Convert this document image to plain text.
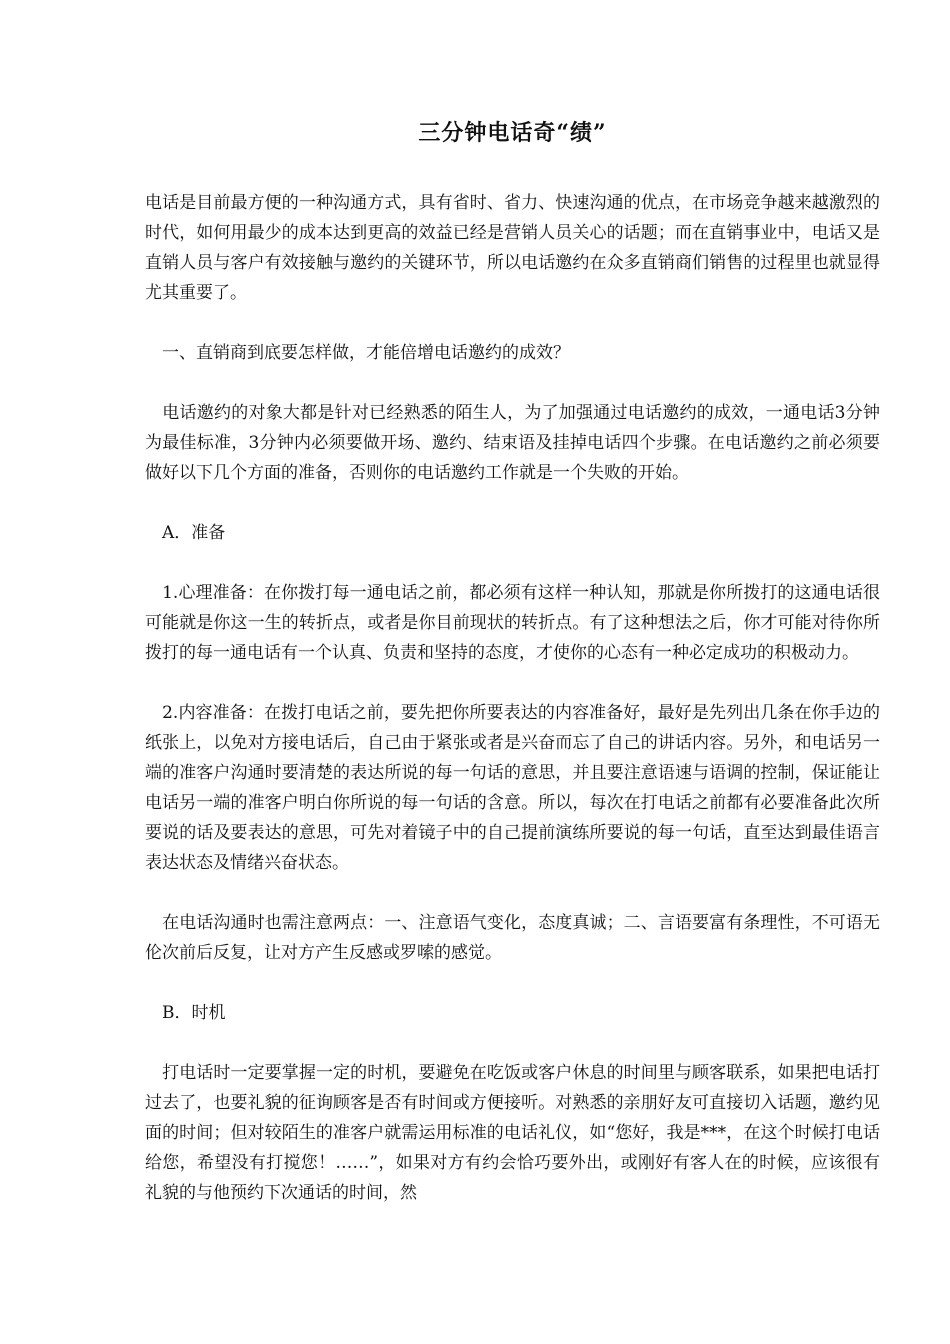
三分钟电话奇“绩”

电话是目前最方便的一种沟通方式，具有省时、省力、快速沟通的优点，在市场竞争越来越激烈的时代，如何用最少的成本达到更高的效益已经是营销人员关心的话题；而在直销事业中，电话又是直销人员与客户有效接触与邀约的关键环节，所以电话邀约在众多直销商们销售的过程里也就显得尤其重要了。

　一、直销商到底要怎样做，才能倍增电话邀约的成效？

　电话邀约的对象大都是针对已经熟悉的陌生人，为了加强通过电话邀约的成效，一通电话3分钟为最佳标准，3分钟内必须要做开场、邀约、结束语及挂掉电话四个步骤。在电话邀约之前必须要做好以下几个方面的准备，否则你的电话邀约工作就是一个失败的开始。

　A．准备

　1.心理准备：在你拨打每一通电话之前，都必须有这样一种认知，那就是你所拨打的这通电话很可能就是你这一生的转折点，或者是你目前现状的转折点。有了这种想法之后，你才可能对待你所拨打的每一通电话有一个认真、负责和坚持的态度，才使你的心态有一种必定成功的积极动力。

　2.内容准备：在拨打电话之前，要先把你所要表达的内容准备好，最好是先列出几条在你手边的纸张上，以免对方接电话后，自己由于紧张或者是兴奋而忘了自己的讲话内容。另外，和电话另一端的准客户沟通时要清楚的表达所说的每一句话的意思，并且要注意语速与语调的控制，保证能让电话另一端的准客户明白你所说的每一句话的含意。所以，每次在打电话之前都有必要准备此次所要说的话及要表达的意思，可先对着镜子中的自己提前演练所要说的每一句话，直至达到最佳语言表达状态及情绪兴奋状态。

　在电话沟通时也需注意两点：一、注意语气变化，态度真诚；二、言语要富有条理性，不可语无伦次前后反复，让对方产生反感或罗嗦的感觉。

　B．时机

　打电话时一定要掌握一定的时机，要避免在吃饭或客户休息的时间里与顾客联系，如果把电话打过去了，也要礼貌的征询顾客是否有时间或方便接听。对熟悉的亲朋好友可直接切入话题，邀约见面的时间；但对较陌生的准客户就需运用标准的电话礼仪，如“您好，我是***，在这个时候打电话给您，希望没有打搅您！……”，如果对方有约会恰巧要外出，或刚好有客人在的时候，应该很有礼貌的与他预约下次通话的时间，然
